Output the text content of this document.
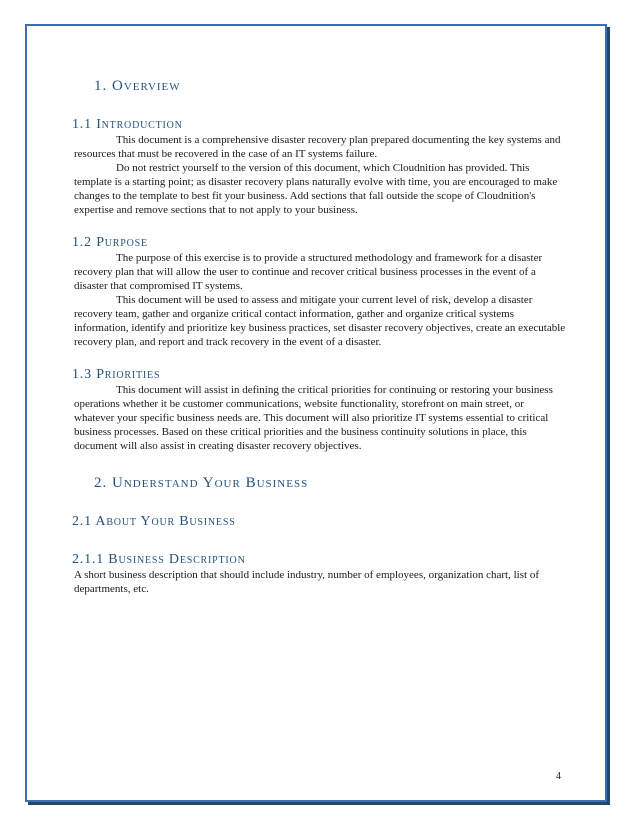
1. Overview
1.1 Introduction

This document is a comprehensive disaster recovery plan prepared documenting the key systems and resources that must be recovered in the case of an IT systems failure.

Do not restrict yourself to the version of this document, which Cloudnition has provided. This template is a starting point; as disaster recovery plans naturally evolve with time, you are encouraged to make changes to the template to best fit your business. Add sections that fall outside the scope of Cloudnition's expertise and remove sections that to not apply to your business.

1.2 Purpose

The purpose of this exercise is to provide a structured methodology and framework for a disaster recovery plan that will allow the user to continue and recover critical business processes in the event of a disaster that compromised IT systems.

This document will be used to assess and mitigate your current level of risk, develop a disaster recovery team, gather and organize critical contact information, gather and organize critical systems information, identify and prioritize key business practices, set disaster recovery objectives, create an executable recovery plan, and report and track recovery in the event of a disaster.

1.3 Priorities

This document will assist in defining the critical priorities for continuing or restoring your business operations whether it be customer communications, website functionality, storefront on main street, or whatever your specific business needs are. This document will also prioritize IT systems essential to critical business processes. Based on these critical priorities and the business continuity solutions in place, this document will also assist in creating disaster recovery objectives.

2. Understand Your Business
2.1 About Your Business
2.1.1 Business Description

A short business description that should include industry, number of employees, organization chart, list of departments, etc.

4
